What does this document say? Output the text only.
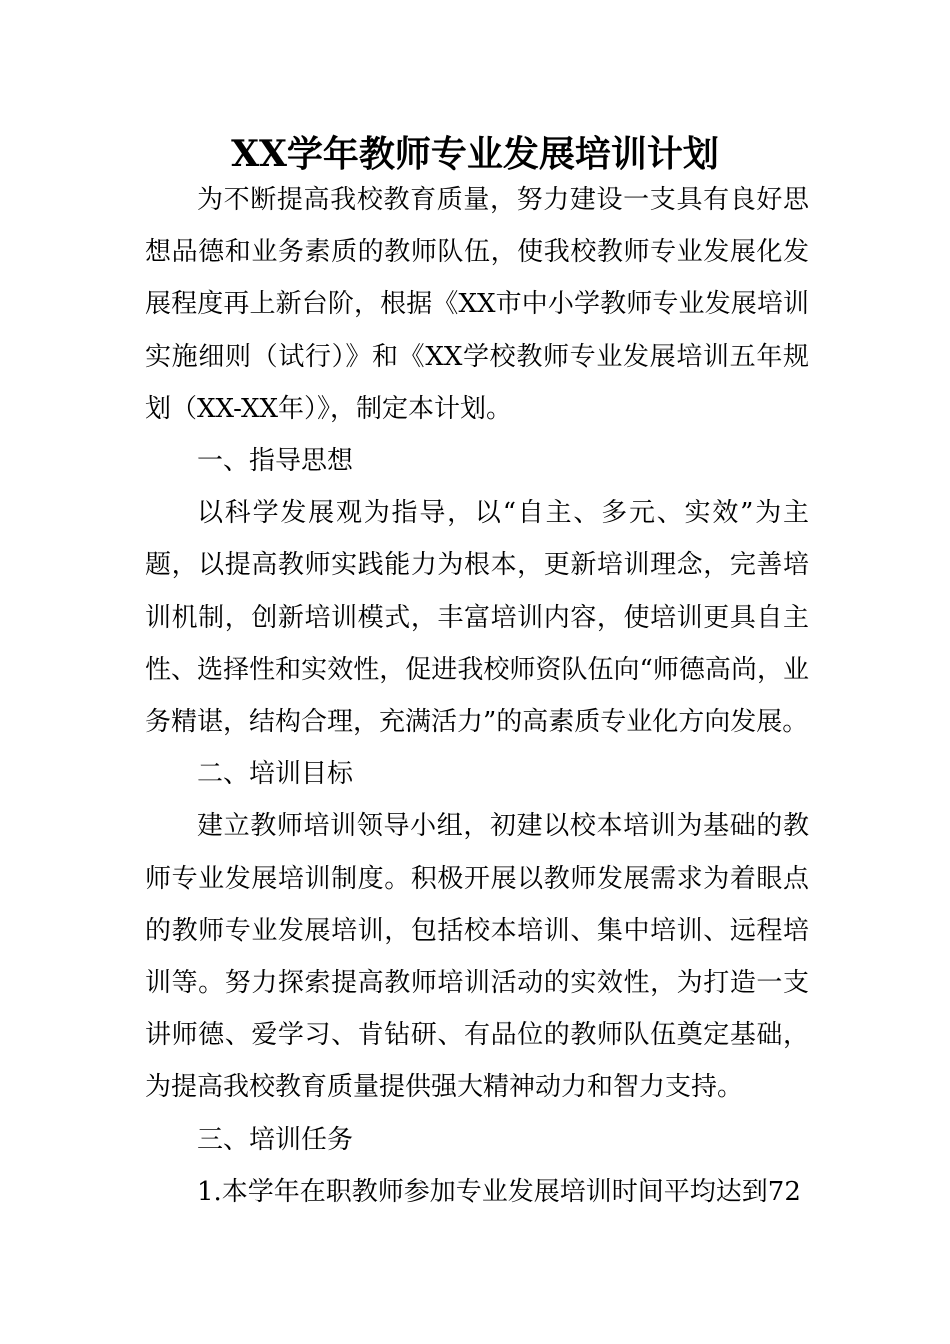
XX学年教师专业发展培训计划

为不断提高我校教育质量，努力建设一支具有良好思想品德和业务素质的教师队伍，使我校教师专业发展化发展程度再上新台阶，根据《XX市中小学教师专业发展培训实施细则（试行）》和《XX学校教师专业发展培训五年规划（XX-XX年）》，制定本计划。

一、指导思想

以科学发展观为指导，以“自主、多元、实效”为主题，以提高教师实践能力为根本，更新培训理念，完善培训机制，创新培训模式，丰富培训内容，使培训更具自主性、选择性和实效性，促进我校师资队伍向“师德高尚，业务精谌，结构合理，充满活力”的高素质专业化方向发展。

二、培训目标

建立教师培训领导小组，初建以校本培训为基础的教师专业发展培训制度。积极开展以教师发展需求为着眼点的教师专业发展培训，包括校本培训、集中培训、远程培训等。努力探索提高教师培训活动的实效性，为打造一支讲师德、爱学习、肯钻研、有品位的教师队伍奠定基础，为提高我校教育质量提供强大精神动力和智力支持。

三、培训任务

1.本学年在职教师参加专业发展培训时间平均达到72
